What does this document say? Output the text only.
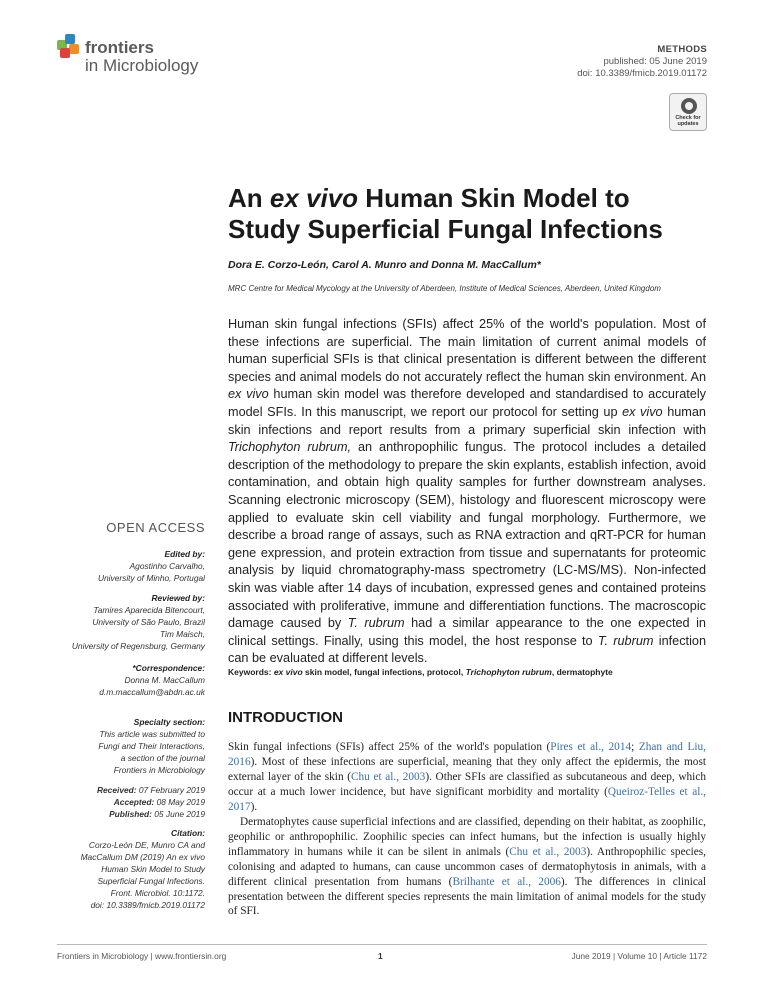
frontiers
in Microbiology
METHODS
published: 05 June 2019
doi: 10.3389/fmicb.2019.01172
Check for updates
An ex vivo Human Skin Model to Study Superficial Fungal Infections
Dora E. Corzo-León, Carol A. Munro and Donna M. MacCallum*
MRC Centre for Medical Mycology at the University of Aberdeen, Institute of Medical Sciences, Aberdeen, United Kingdom
Human skin fungal infections (SFIs) affect 25% of the world's population. Most of these infections are superficial. The main limitation of current animal models of human superficial SFIs is that clinical presentation is different between the different species and animal models do not accurately reflect the human skin environment. An ex vivo human skin model was therefore developed and standardised to accurately model SFIs. In this manuscript, we report our protocol for setting up ex vivo human skin infections and report results from a primary superficial skin infection with Trichophyton rubrum, an anthropophilic fungus. The protocol includes a detailed description of the methodology to prepare the skin explants, establish infection, avoid contamination, and obtain high quality samples for further downstream analyses. Scanning electronic microscopy (SEM), histology and fluorescent microscopy were applied to evaluate skin cell viability and fungal morphology. Furthermore, we describe a broad range of assays, such as RNA extraction and qRT-PCR for human gene expression, and protein extraction from tissue and supernatants for proteomic analysis by liquid chromatography-mass spectrometry (LC-MS/MS). Non-infected skin was viable after 14 days of incubation, expressed genes and contained proteins associated with proliferative, immune and differentiation functions. The macroscopic damage caused by T. rubrum had a similar appearance to the one expected in clinical settings. Finally, using this model, the host response to T. rubrum infection can be evaluated at different levels.
Keywords: ex vivo skin model, fungal infections, protocol, Trichophyton rubrum, dermatophyte
OPEN ACCESS
Edited by:
Agostinho Carvalho,
University of Minho, Portugal
Reviewed by:
Tamires Aparecida Bitencourt,
University of São Paulo, Brazil
Tim Maisch,
University of Regensburg, Germany
*Correspondence:
Donna M. MacCallum
d.m.maccallum@abdn.ac.uk
Specialty section:
This article was submitted to
Fungi and Their Interactions,
a section of the journal
Frontiers in Microbiology
Received: 07 February 2019
Accepted: 08 May 2019
Published: 05 June 2019
Citation:
Corzo-León DE, Munro CA and
MacCallum DM (2019) An ex vivo
Human Skin Model to Study
Superficial Fungal Infections.
Front. Microbiol. 10:1172.
doi: 10.3389/fmicb.2019.01172
INTRODUCTION

Skin fungal infections (SFIs) affect 25% of the world's population (Pires et al., 2014; Zhan and Liu, 2016). Most of these infections are superficial, meaning that they only affect the epidermis, the most external layer of the skin (Chu et al., 2003). Other SFIs are classified as subcutaneous and deep, which occur at a much lower incidence, but have significant morbidity and mortality (Queiroz-Telles et al., 2017).

Dermatophytes cause superficial infections and are classified, depending on their habitat, as zoophilic, geophilic or anthropophilic. Zoophilic species can infect humans, but the infection is usually highly inflammatory in humans while it can be silent in animals (Chu et al., 2003). Anthropophilic species, colonising and adapted to humans, can cause uncommon cases of dermatophytosis in animals, with a different clinical presentation from humans (Brilhante et al., 2006). The differences in clinical presentation between the different species represents the main limitation of animal models for the study of SFI.

Frontiers in Microbiology | www.frontiersin.org	1	June 2019 | Volume 10 | Article 1172
